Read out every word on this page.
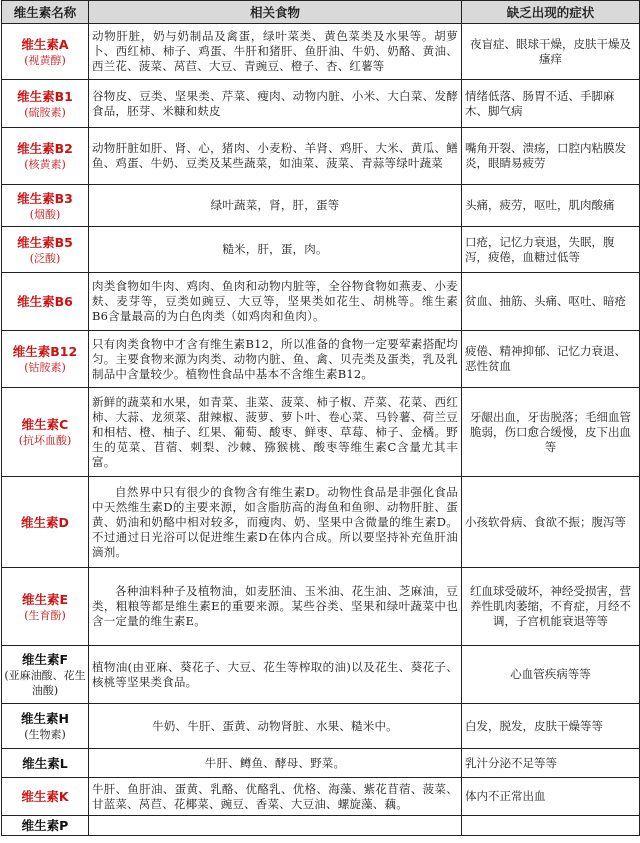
维生素名称	相关食物	缺乏出现的症状

维生素A
(视黄醇)	动物肝脏，奶与奶制品及禽蛋，绿叶菜类、黄色菜类及水果等。胡萝卜、西红柿、柿子、鸡蛋、牛肝和猪肝、鱼肝油、牛奶、奶酪、黄油、西兰花、菠菜、莴苣、大豆、青豌豆、橙子、杏、红薯等	夜盲症、眼球干燥，皮肤干燥及瘙痒

维生素B1
(硫胺素)	谷物皮、豆类、坚果类、芹菜、瘦肉、动物内脏、小米、大白菜、发酵食品，胚芽、米糠和麸皮	情绪低落、肠胃不适、手脚麻木、脚气病

维生素B2
(核黄素)	动物肝脏如肝、肾、心，猪肉、小麦粉、羊肾、鸡肝、大米、黄瓜、鳝鱼、鸡蛋、牛奶、豆类及某些蔬菜，如油菜、菠菜、青蒜等绿叶蔬菜	嘴角开裂、溃疡，口腔内粘膜发炎，眼睛易疲劳

维生素B3
(烟酸)	绿叶蔬菜，肾，肝，蛋等	头痛，疲劳，呕吐，肌肉酸痛

维生素B5
(泛酸)	糙米，肝，蛋，肉。	口疮，记忆力衰退，失眠，腹泻，疲倦，血糖过低等

维生素B6	肉类食物如牛肉、鸡肉、鱼肉和动物内脏等，全谷物食物如燕麦、小麦麸、麦芽等，豆类如豌豆、大豆等，坚果类如花生、胡桃等。维生素B6含量最高的为白色肉类（如鸡肉和鱼肉）。	贫血、抽筋、头痛、呕吐、暗疮

维生素B12
(钴胺素)	只有肉类食物中才含有维生素B12，所以准备的食物一定要荤素搭配均匀。主要食物来源为肉类、动物内脏、鱼、禽、贝壳类及蛋类，乳及乳制品中含量较少。植物性食品中基本不含维生素B12。	疲倦、精神抑郁、记忆力衰退、恶性贫血

维生素C
(抗坏血酸)	新鲜的蔬菜和水果，如青菜、韭菜、菠菜、柿子椒、芹菜、花菜、西红柿、大蒜、龙须菜、甜辣椒、菠萝、萝卜叶、卷心菜、马铃薯、荷兰豆和相桔、橙、柚子、红果、葡萄、酸枣、鲜枣、草莓、柿子、金橘。野生的苋菜、苜蓿、刺梨、沙棘、猕猴桃、酸枣等维生素C含量尤其丰富。	牙龈出血，牙齿脱落；毛细血管脆弱，伤口愈合缓慢，皮下出血等

维生素D	自然界中只有很少的食物含有维生素D。动物性食品是非强化食品中天然维生素D的主要来源，如含脂肪高的海鱼和鱼卵、动物肝脏、蛋黄、奶油和奶酪中相对较多，而瘦肉、奶、坚果中含微量的维生素D。不过通过日光浴可以促进维生素D在体内合成。所以要坚持补充鱼肝油滴剂。	小孩软骨病、食欲不振；腹泻等

维生素E
(生育酚)	各种油料种子及植物油，如麦胚油、玉米油、花生油、芝麻油，豆类，粗粮等都是维生素E的重要来源。某些谷类、坚果和绿叶蔬菜中也含一定量的维生素E。	红血球受破坏，神经受损害，营养性肌肉萎缩，不育症，月经不调，子宫机能衰退等等

维生素F
(亚麻油酸、花生油酸)	植物油(由亚麻、葵花子、大豆、花生等榨取的油)以及花生、葵花子、核桃等坚果类食品。	心血管疾病等等

维生素H
(生物素)	牛奶、牛肝、蛋黄、动物肾脏、水果、糙米中。	白发，脱发，皮肤干燥等等

维生素L	牛肝、鳟鱼、酵母、野菜。	乳汁分泌不足等等

维生素K	牛肝、鱼肝油、蛋黄、乳酪、优酪乳、优格、海藻、紫花苜蓿、菠菜、甘蓝菜、莴苣、花椰菜、豌豆、香菜、大豆油、螺旋藻、藕。	体内不正常出血

维生素P		
